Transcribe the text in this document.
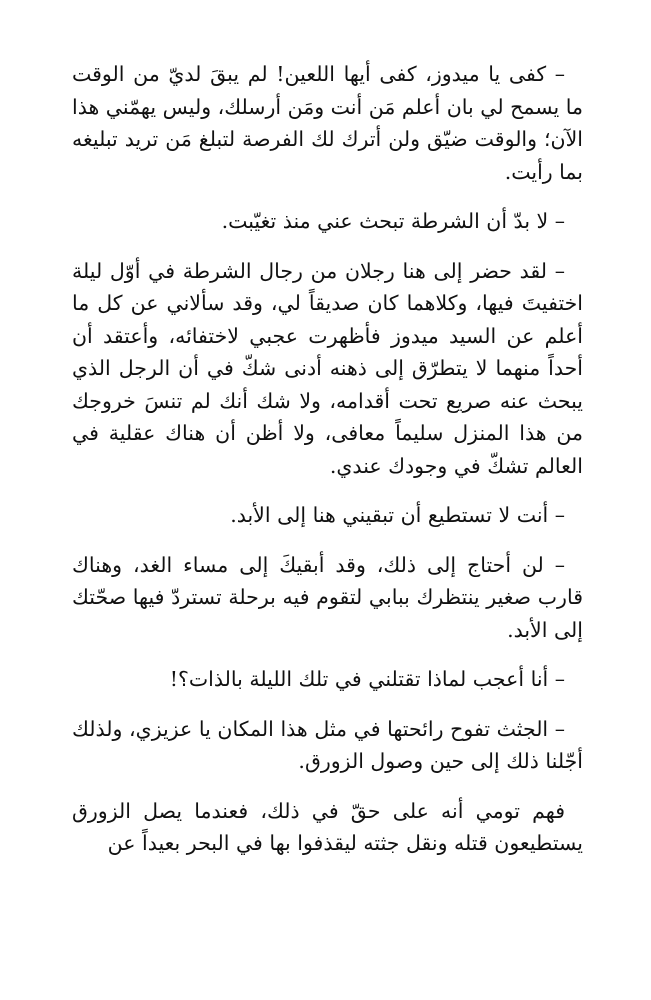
– كفى يا ميدوز، كفى أيها اللعين! لم يبقَ لديّ من الوقت ما يسمح لي بان أعلم مَن أنت ومَن أرسلك، وليس يهمّني هذا الآن؛ والوقت ضيّق ولن أترك لك الفرصة لتبلغ مَن تريد تبليغه بما رأيت.

– لا بدّ أن الشرطة تبحث عني منذ تغيّبت.

– لقد حضر إلى هنا رجلان من رجال الشرطة في أوّل ليلة اختفيتَ فيها، وكلاهما كان صديقاً لي، وقد سألاني عن كل ما أعلم عن السيد ميدوز فأظهرت عجبي لاختفائه، وأعتقد أن أحداً منهما لا يتطرّق إلى ذهنه أدنى شكّ في أن الرجل الذي يبحث عنه صريع تحت أقدامه، ولا شك أنك لم تنسَ خروجك من هذا المنزل سليماً معافى، ولا أظن أن هناك عقلية في العالم تشكّ في وجودك عندي.

– أنت لا تستطيع أن تبقيني هنا إلى الأبد.

– لن أحتاج إلى ذلك، وقد أبقيكَ إلى مساء الغد، وهناك قارب صغير ينتظرك ببابي لتقوم فيه برحلة تستردّ فيها صحّتك إلى الأبد.

– أنا أعجب لماذا تقتلني في تلك الليلة بالذات؟!

– الجثث تفوح رائحتها في مثل هذا المكان يا عزيزي، ولذلك أجّلنا ذلك إلى حين وصول الزورق.

فهم تومي أنه على حقّ في ذلك، فعندما يصل الزورق يستطيعون قتله ونقل جثته ليقذفوا بها في البحر بعيداً عن
